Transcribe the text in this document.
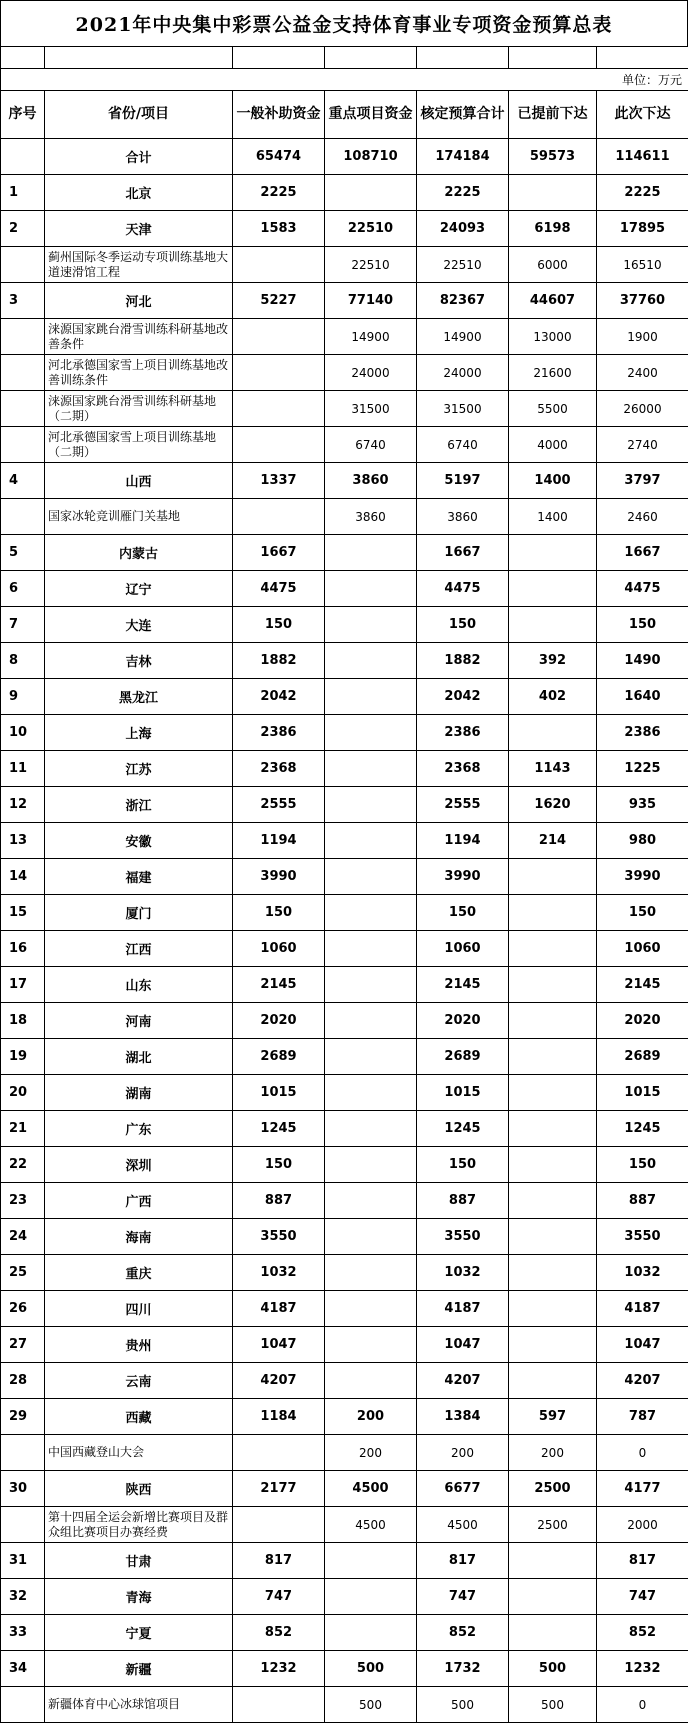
2021年中央集中彩票公益金支持体育事业专项资金预算总表

单位：万元						
序号	省份/项目	一般补助资金	重点项目资金	核定预算合计	已提前下达	此次下达
	合计	65474	108710	174184	59573	114611
1	北京	2225		2225		2225
2	天津	1583	22510	24093	6198	17895
	蓟州国际冬季运动专项训练基地大道速滑馆工程		22510	22510	6000	16510
3	河北	5227	77140	82367	44607	37760
	涞源国家跳台滑雪训练科研基地改善条件		14900	14900	13000	1900
	河北承德国家雪上项目训练基地改善训练条件		24000	24000	21600	2400
	涞源国家跳台滑雪训练科研基地（二期）		31500	31500	5500	26000
	河北承德国家雪上项目训练基地（二期）		6740	6740	4000	2740
4	山西	1337	3860	5197	1400	3797
	国家冰轮竞训雁门关基地		3860	3860	1400	2460
5	内蒙古	1667		1667		1667
6	辽宁	4475		4475		4475
7	大连	150		150		150
8	吉林	1882		1882	392	1490
9	黑龙江	2042		2042	402	1640
10	上海	2386		2386		2386
11	江苏	2368		2368	1143	1225
12	浙江	2555		2555	1620	935
13	安徽	1194		1194	214	980
14	福建	3990		3990		3990
15	厦门	150		150		150
16	江西	1060		1060		1060
17	山东	2145		2145		2145
18	河南	2020		2020		2020
19	湖北	2689		2689		2689
20	湖南	1015		1015		1015
21	广东	1245		1245		1245
22	深圳	150		150		150
23	广西	887		887		887
24	海南	3550		3550		3550
25	重庆	1032		1032		1032
26	四川	4187		4187		4187
27	贵州	1047		1047		1047
28	云南	4207		4207		4207
29	西藏	1184	200	1384	597	787
	中国西藏登山大会		200	200	200	0
30	陕西	2177	4500	6677	2500	4177
	第十四届全运会新增比赛项目及群众组比赛项目办赛经费		4500	4500	2500	2000
31	甘肃	817		817		817
32	青海	747		747		747
33	宁夏	852		852		852
34	新疆	1232	500	1732	500	1232
	新疆体育中心冰球馆项目		500	500	500	0
